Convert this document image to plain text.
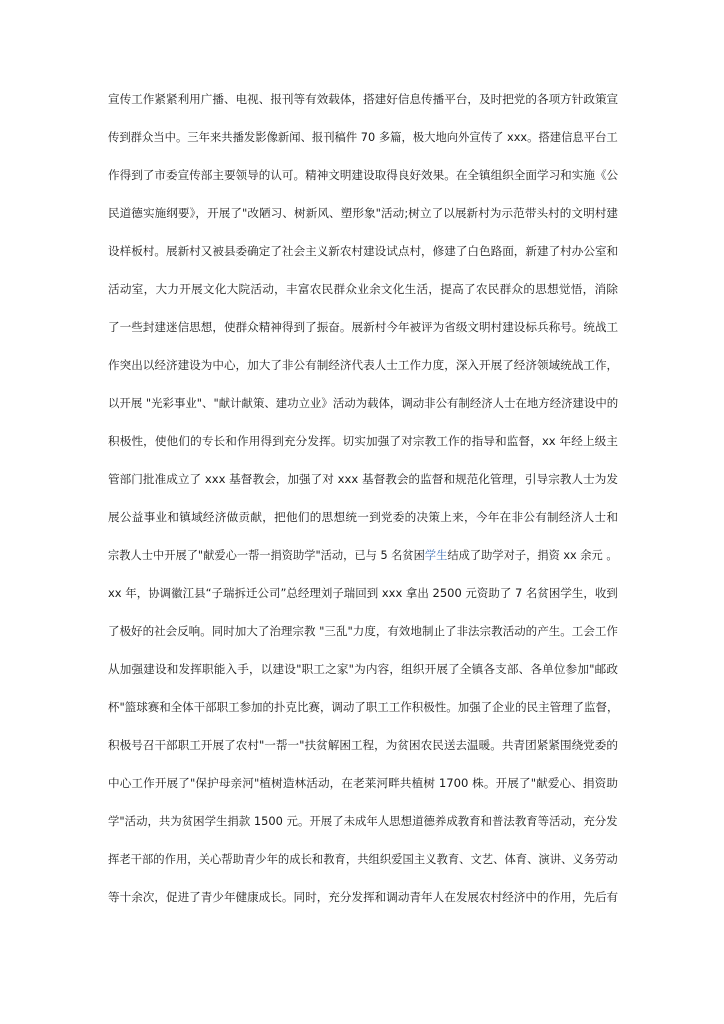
宣传工作紧紧利用广播、电视、报刊等有效载体，搭建好信息传播平台，及时把党的各项方针政策宣
传到群众当中。三年来共播发影像新闻、报刊稿件 70 多篇，极大地向外宣传了 xxx。搭建信息平台工
作得到了市委宣传部主要领导的认可。精神文明建设取得良好效果。在全镇组织全面学习和实施《公
民道德实施纲要》，开展了"改陋习、树新风、塑形象"活动;树立了以展新村为示范带头村的文明村建
设样板村。展新村又被县委确定了社会主义新农村建设试点村，修建了白色路面，新建了村办公室和
活动室，大力开展文化大院活动，丰富农民群众业余文化生活，提高了农民群众的思想觉悟，消除
了一些封建迷信思想，使群众精神得到了振奋。展新村今年被评为省级文明村建设标兵称号。统战工
作突出以经济建设为中心，加大了非公有制经济代表人士工作力度，深入开展了经济领域统战工作，
以开展 "光彩事业"、"献计献策、建功立业》活动为载体，调动非公有制经济人士在地方经济建设中的
积极性，使他们的专长和作用得到充分发挥。切实加强了对宗教工作的指导和监督，xx 年经上级主
管部门批准成立了 xxx 基督教会，加强了对 xxx 基督教会的监督和规范化管理，引导宗教人士为发
展公益事业和镇域经济做贡献，把他们的思想统一到党委的决策上来，今年在非公有制经济人士和
宗教人士中开展了"献爱心一帮一捐资助学"活动，已与 5 名贫困学生结成了助学对子，捐资 xx 余元 。
xx 年，协调徽江县“子瑞拆迁公司”总经理刘子瑞回到 xxx 拿出 2500 元资助了 7 名贫困学生，收到
了极好的社会反响。同时加大了治理宗教 "三乱"力度，有效地制止了非法宗教活动的产生。工会工作
从加强建设和发挥职能入手，以建设"职工之家"为内容，组织开展了全镇各支部、各单位参加"邮政
杯"篮球赛和全体干部职工参加的扑克比赛，调动了职工工作积极性。加强了企业的民主管理了监督，
积极号召干部职工开展了农村"一帮一"扶贫解困工程，为贫困农民送去温暖。共青团紧紧围绕党委的
中心工作开展了"保护母亲河"植树造林活动，在老莱河畔共植树 1700 株。开展了"献爱心、捐资助
学"活动，共为贫困学生捐款 1500 元。开展了未成年人思想道德养成教育和普法教育等活动，充分发
挥老干部的作用，关心帮助青少年的成长和教育，共组织爱国主义教育、文艺、体育、演讲、义务劳动
等十余次，促进了青少年健康成长。同时，充分发挥和调动青年人在发展农村经济中的作用，先后有
